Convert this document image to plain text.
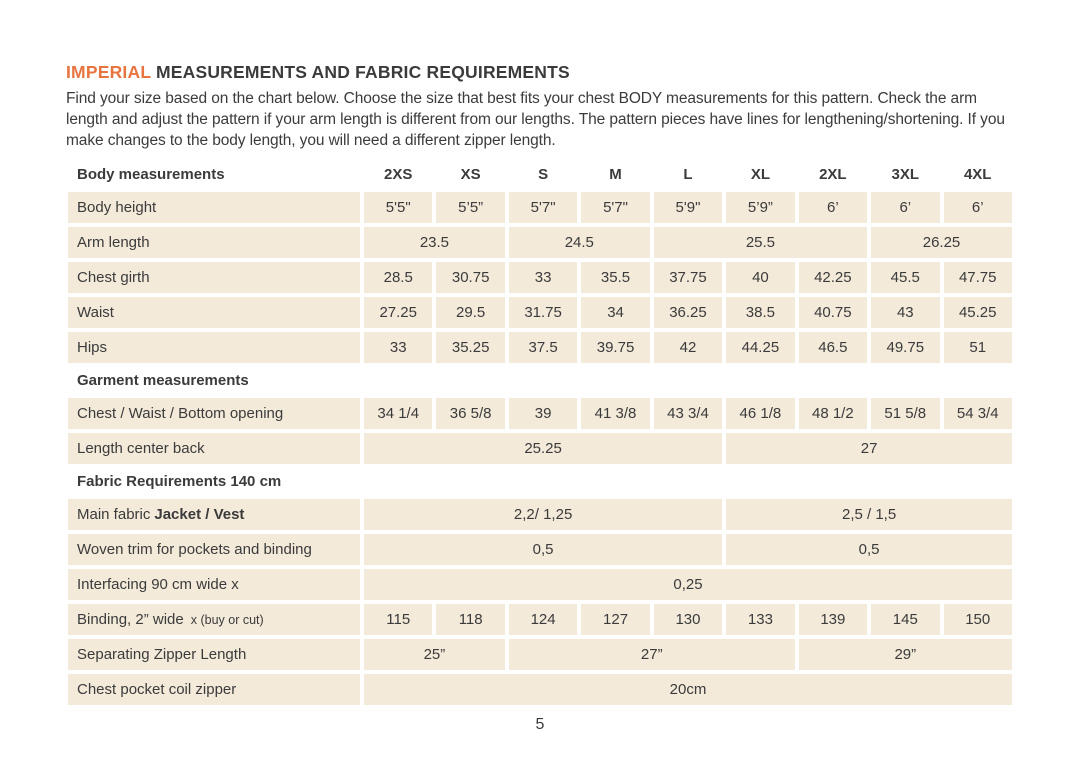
IMPERIAL MEASUREMENTS AND FABRIC REQUIREMENTS
Find your size based on the chart below. Choose the size that best fits your chest BODY measurements for this pattern. Check the arm length and adjust the pattern if your arm length is different from our lengths. The pattern pieces have lines for lengthening/shortening. If you make changes to the body length, you will need a different zipper length.
Body measurements	2XS	XS	S	M	L	XL	2XL	3XL	4XL
Body height	5'5"	5’5”	5'7"	5'7"	5'9"	5’9”	6’	6’	6’
Arm length	23.5	24.5	25.5	26.25
Chest girth	28.5	30.75	33	35.5	37.75	40	42.25	45.5	47.75
Waist	27.25	29.5	31.75	34	36.25	38.5	40.75	43	45.25
Hips	33	35.25	37.5	39.75	42	44.25	46.5	49.75	51
Garment measurements
Chest / Waist / Bottom opening	34 1/4	36 5/8	39	41 3/8	43 3/4	46 1/8	48 1/2	51 5/8	54 3/4
Length center back	25.25	27
Fabric Requirements 140 cm
Main fabric Jacket / Vest	2,2/ 1,25	2,5 / 1,5
Woven trim for pockets and binding	0,5	0,5
Interfacing 90 cm wide x	0,25
Binding, 2” wide x (buy or cut)	115	118	124	127	130	133	139	145	150
Separating Zipper Length	25”	27”	29”
Chest pocket coil zipper	20cm
5
